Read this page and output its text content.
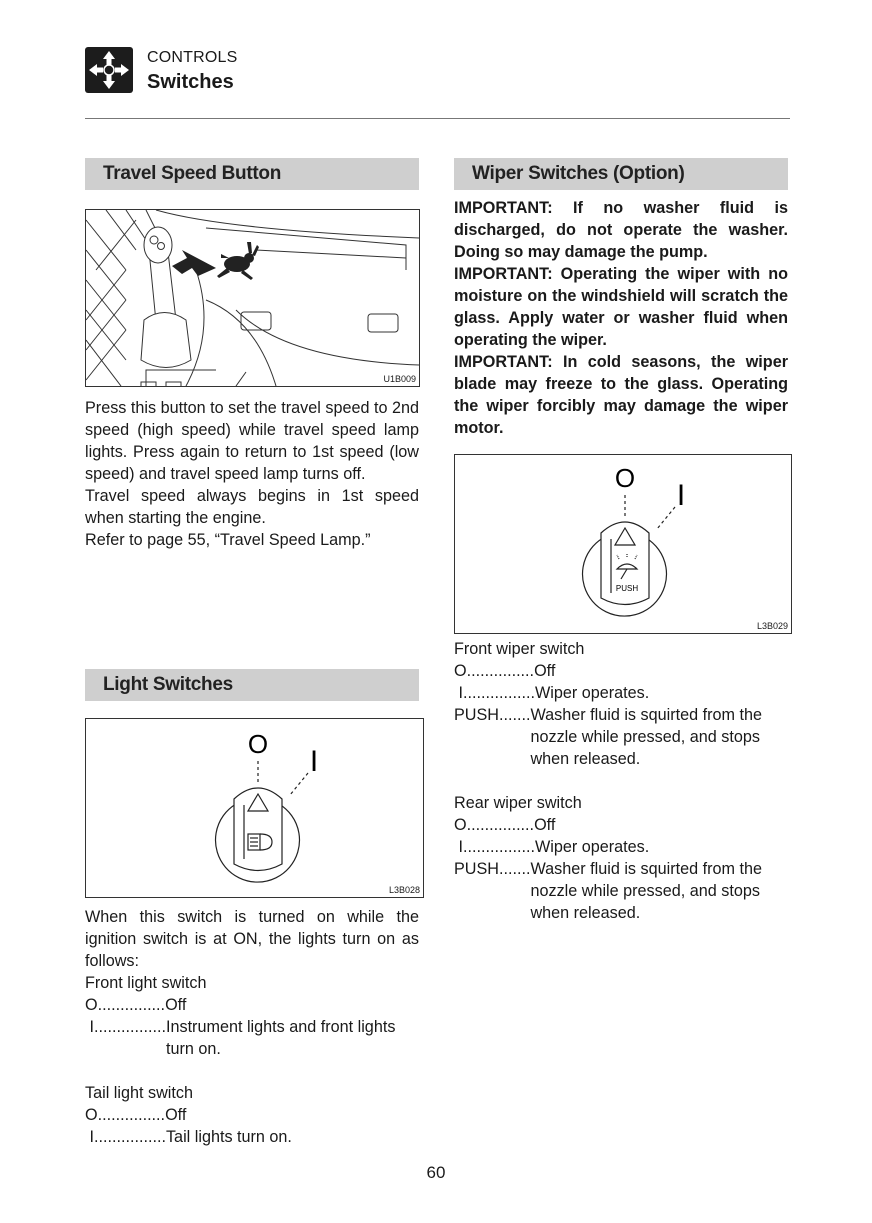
CONTROLS
Switches
Travel Speed Button
U1B009

Press this button to set the travel speed to 2nd speed (high speed) while travel speed lamp lights. Press again to return to 1st speed (low speed) and travel speed lamp turns off.

Travel speed always begins in 1st speed when starting the engine.

Refer to page 55, “Travel Speed Lamp.”

Light Switches
O
I
L3B028

When this switch is turned on while the ignition switch is at ON, the lights turn on as follows:

Front light switch
O............... Off
I................ Instrument lights and front lights turn on.
Tail light switch
O............... Off
I................ Tail lights turn on.
Wiper Switches (Option)

IMPORTANT: If no washer fluid is discharged, do not operate the washer. Doing so may damage the pump.

IMPORTANT: Operating the wiper with no moisture on the windshield will scratch the glass. Apply water or washer fluid when operating the wiper.

IMPORTANT: In cold seasons, the wiper blade may freeze to the glass. Operating the wiper forcibly may damage the wiper motor.

O
I
PUSH
L3B029
Front wiper switch
O............... Off
I................ Wiper operates.
PUSH....... Washer fluid is squirted from the nozzle while pressed, and stops when released.
Rear wiper switch
O............... Off
I................ Wiper operates.
PUSH....... Washer fluid is squirted from the nozzle while pressed, and stops when released.
60
